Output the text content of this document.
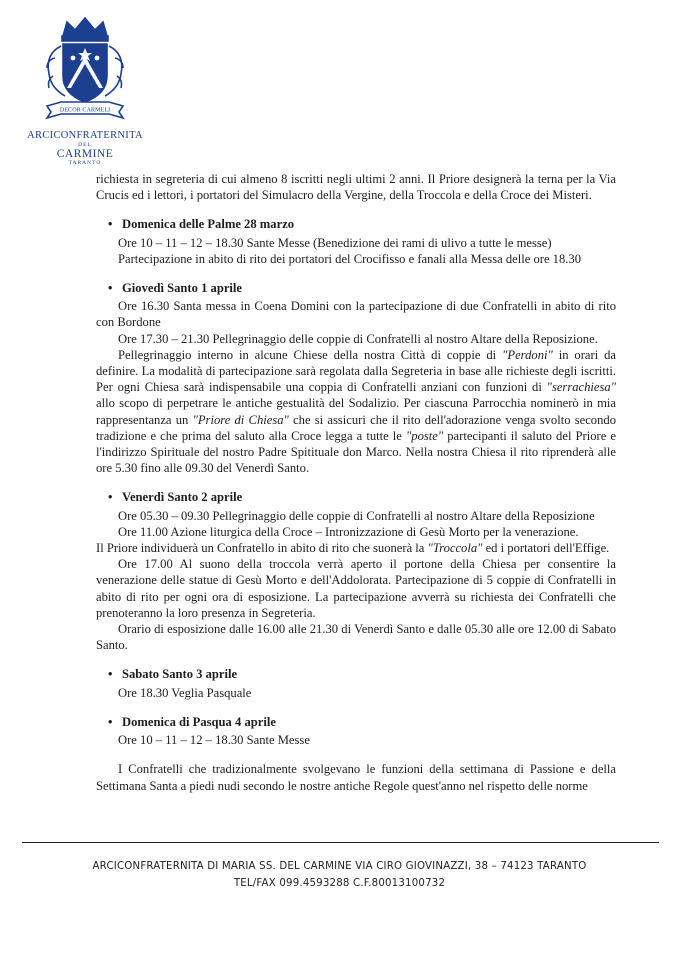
DECOR CARMELI
ARCICONFRATERNITA
DEL
CARMINE
TARANTO

richiesta in segreteria di cui almeno 8 iscritti negli ultimi 2 anni. Il Priore designerà la terna per la Via Crucis ed i lettori, i portatori del Simulacro della Vergine, della Troccola e della Croce dei Misteri.

• Domenica delle Palme 28 marzo

Ore 10 – 11 – 12 – 18.30 Sante Messe (Benedizione dei rami di ulivo a tutte le messe)

Partecipazione in abito di rito dei portatori del Crocifisso e fanali alla Messa delle ore 18.30

• Giovedì Santo 1 aprile

Ore 16.30 Santa messa in Coena Domini con la partecipazione di due Confratelli in abito di rito con Bordone

Ore 17.30 – 21.30 Pellegrinaggio delle coppie di Confratelli al nostro Altare della Reposizione.

Pellegrinaggio interno in alcune Chiese della nostra Città di coppie di "Perdoni" in orari da definire. La modalità di partecipazione sarà regolata dalla Segreteria in base alle richieste degli iscritti. Per ogni Chiesa sarà indispensabile una coppia di Confratelli anziani con funzioni di "serrachiesa" allo scopo di perpetrare le antiche gestualità del Sodalizio. Per ciascuna Parrocchia nominerò in mia rappresentanza un "Priore di Chiesa" che si assicuri che il rito dell'adorazione venga svolto secondo tradizione e che prima del saluto alla Croce legga a tutte le "poste" partecipanti il saluto del Priore e l'indirizzo Spirituale del nostro Padre Spitituale don Marco. Nella nostra Chiesa il rito riprenderà alle ore 5.30 fino alle 09.30 del Venerdì Santo.

• Venerdì Santo 2 aprile

Ore 05.30 – 09.30 Pellegrinaggio delle coppie di Confratelli al nostro Altare della Reposizione

Ore 11.00 Azione liturgica della Croce – Intronizzazione di Gesù Morto per la venerazione.

Il Priore individuerà un Confratello in abito di rito che suonerà la "Troccola" ed i portatori dell'Effige.

Ore 17.00 Al suono della troccola verrà aperto il portone della Chiesa per consentire la venerazione delle statue di Gesù Morto e dell'Addolorata. Partecipazione di 5 coppie di Confratelli in abito di rito per ogni ora di esposizione. La partecipazione avverrà su richiesta dei Confratelli che prenoteranno la loro presenza in Segreteria.

Orario di esposizione dalle 16.00 alle 21.30 di Venerdì Santo e dalle 05.30 alle ore 12.00 di Sabato Santo.

• Sabato Santo 3 aprile

Ore 18.30 Veglia Pasquale

• Domenica di Pasqua 4 aprile

Ore 10 – 11 – 12 – 18.30 Sante Messe

I Confratelli che tradizionalmente svolgevano le funzioni della settimana di Passione e della Settimana Santa a piedi nudi secondo le nostre antiche Regole quest'anno nel rispetto delle norme

ARCICONFRATERNITA DI MARIA SS. DEL CARMINE VIA CIRO GIOVINAZZI, 38 – 74123 TARANTO
TEL/FAX 099.4593288 C.F.80013100732
